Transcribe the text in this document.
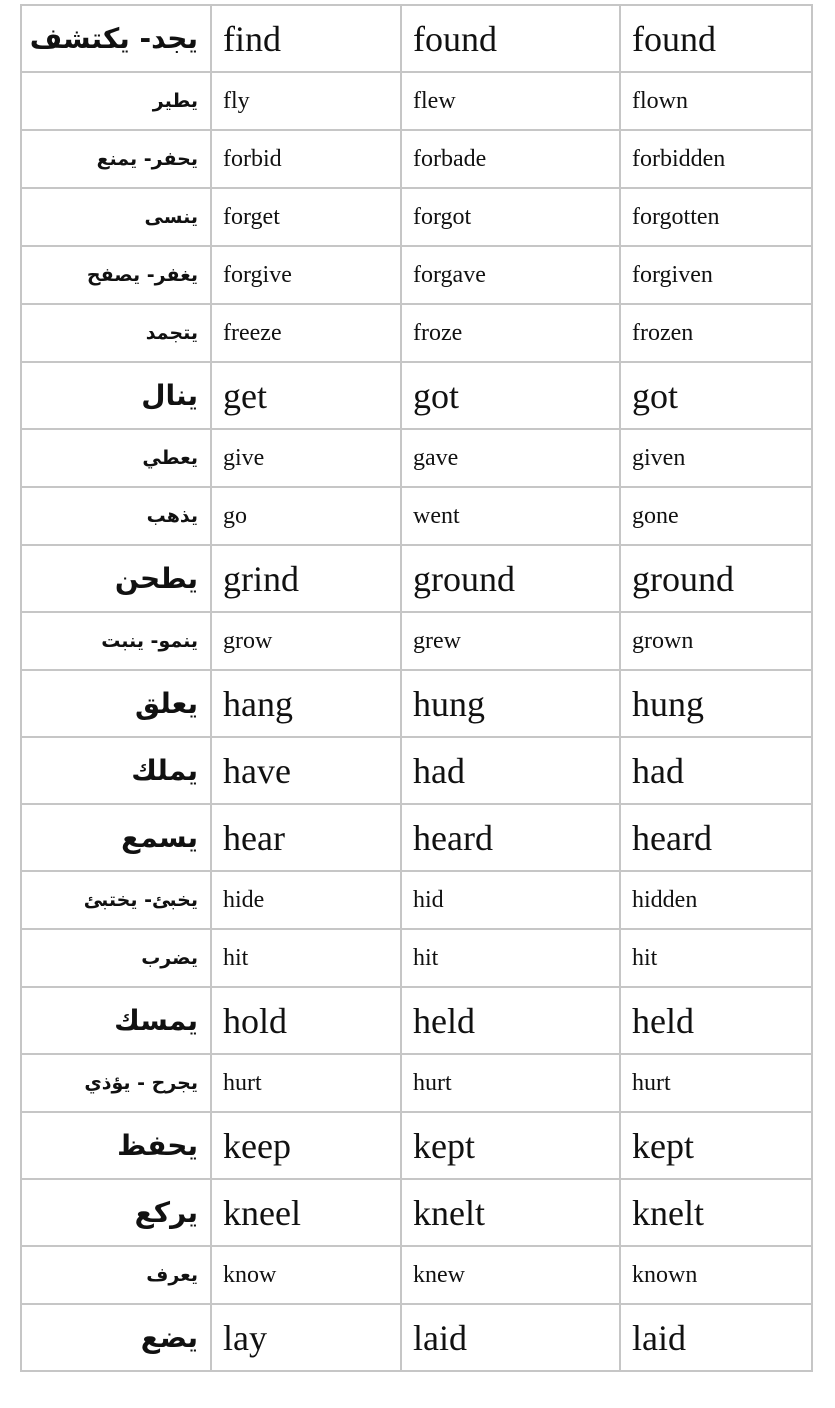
يجد- يكتشف	find	found	found
يطير	fly	flew	flown
يحفر- يمنع	forbid	forbade	forbidden
ينسى	forget	forgot	forgotten
يغفر- يصفح	forgive	forgave	forgiven
يتجمد	freeze	froze	frozen
ينال	get	got	got
يعطي	give	gave	given
يذهب	go	went	gone
يطحن	grind	ground	ground
ينمو- ينبت	grow	grew	grown
يعلق	hang	hung	hung
يملك	have	had	had
يسمع	hear	heard	heard
يخبئ- يختبئ	hide	hid	hidden
يضرب	hit	hit	hit
يمسك	hold	held	held
يجرح - يؤذي	hurt	hurt	hurt
يحفظ	keep	kept	kept
يركع	kneel	knelt	knelt
يعرف	know	knew	known
يضع	lay	laid	laid
